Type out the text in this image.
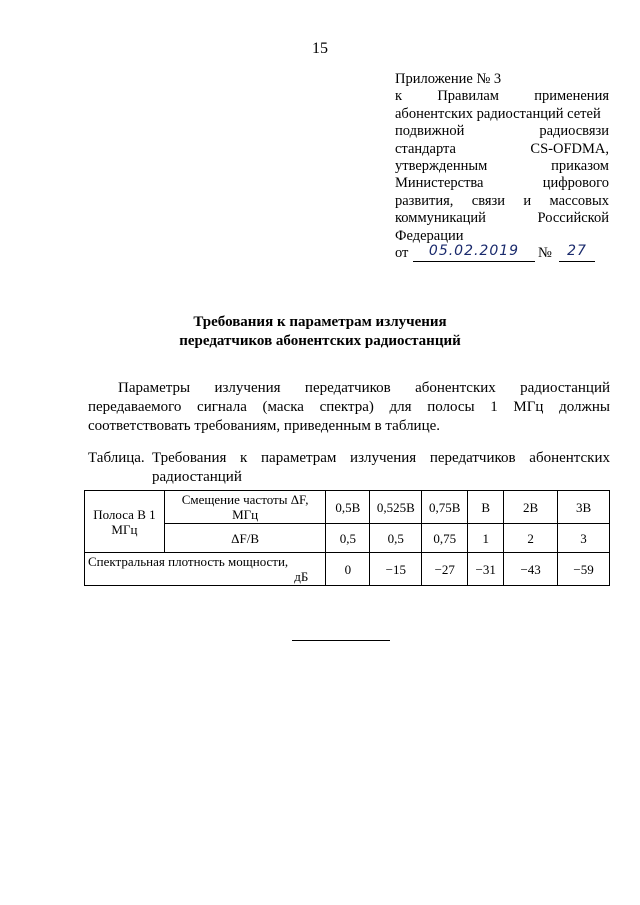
15
Приложение № 3
к Правилам применения
абонентских радиостанций сетей
подвижной радиосвязи
стандарта CS-OFDMA,
утвержденным приказом
Министерства цифрового
развития, связи и массовых
коммуникаций Российской
Федерации
от	05.02.2019	№	27
Требования к параметрам излучения
передатчиков абонентских радиостанций
Параметры излучения передатчиков абонентских радиостанций
передаваемого сигнала (маска спектра) для полосы 1 МГц должны
соответствовать требованиям, приведенным в таблице.
Таблица. Требования к параметрам излучения передатчиков абонентских
радиостанций
Полоса В 1 МГц	Смещение частоты ΔF, МГц	0,5B	0,525B	0,75B	B	2B	3B
	ΔF/B	0,5	0,5	0,75	1	2	3

Спектральная плотность мощности,
дБ		0	−15	−27	−31	−43	−59
